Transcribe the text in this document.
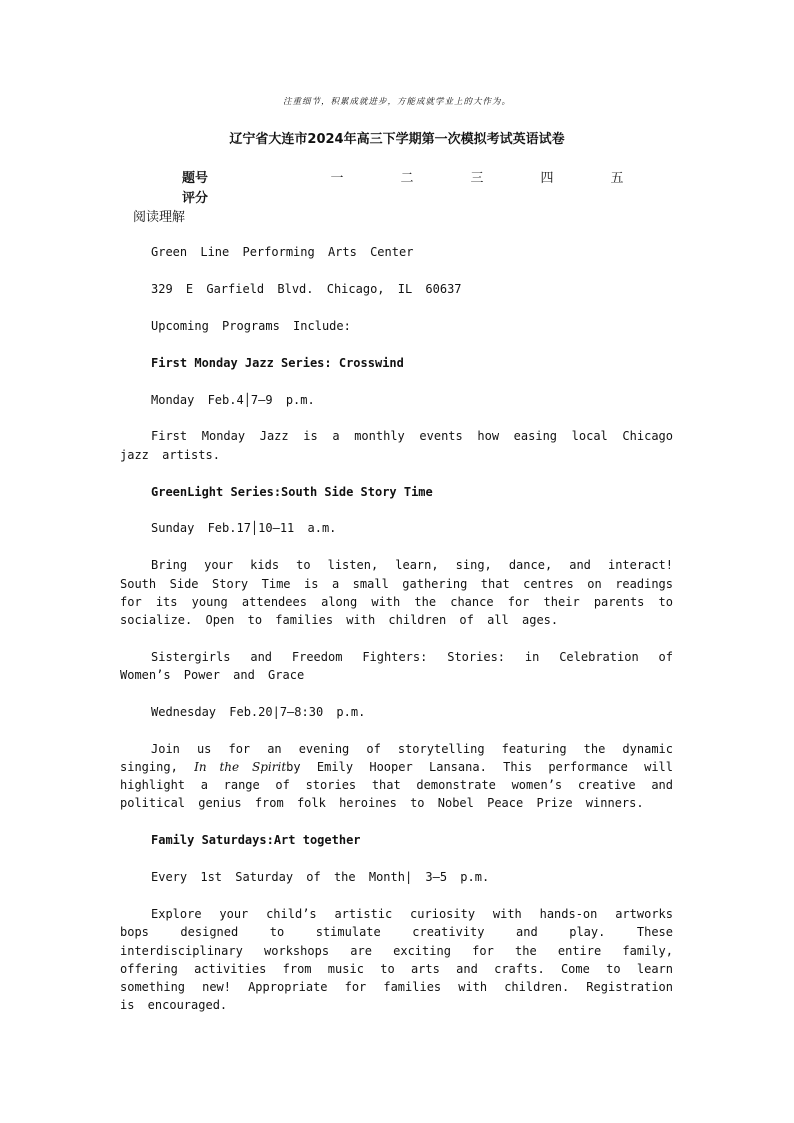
注重细节，积累成就进步，方能成就学业上的大作为。
辽宁省大连市2024年高三下学期第一次模拟考试英语试卷
题号	一	二	三	四	五
评分					
阅读理解

Green Line Performing Arts Center

329 E Garfield Blvd. Chicago, IL 60637

Upcoming Programs Include:

First Monday Jazz Series: Crosswind

Monday Feb.4│7—9 p.m.

First Monday Jazz is a monthly events how easing local Chicago jazz artists.

GreenLight Series:South Side Story Time

Sunday Feb.17│10—11 a.m.

Bring your kids to listen, learn, sing, dance, and interact! South Side Story Time is a small gathering that centres on readings for its young attendees along with the chance for their parents to socialize. Open to families with children of all ages.

Sistergirls and Freedom Fighters: Stories: in Celebration of Women’s Power and Grace

Wednesday Feb.20|7—8:30 p.m.

Join us for an evening of storytelling featuring the dynamic singing, In the Spiritby Emily Hooper Lansana. This performance will highlight a range of stories that demonstrate women’s creative and political genius from folk heroines to Nobel Peace Prize winners.

Family Saturdays:Art together

Every 1st Saturday of the Month| 3—5 p.m.

Explore your child’s artistic curiosity with hands-on artworks bops designed to stimulate creativity and play. These interdisciplinary workshops are exciting for the entire family, offering activities from music to arts and crafts. Come to learn something new! Appropriate for families with children. Registration is encouraged.
